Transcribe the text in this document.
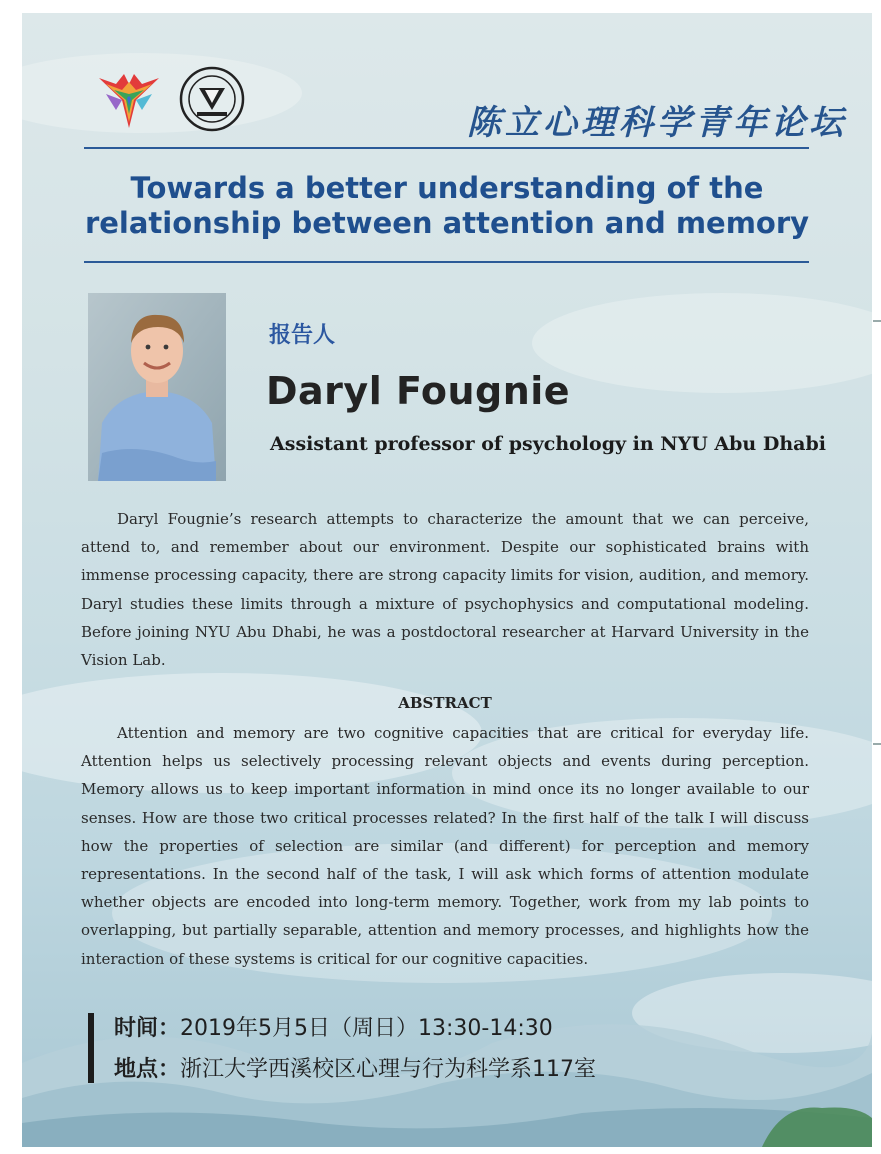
陈立心理科学青年论坛
Towards a better understanding of the
relationship between attention and memory
报告人
Daryl Fougnie
Assistant professor of psychology in NYU Abu Dhabi

Daryl Fougnie’s research attempts to characterize the amount that we can perceive, attend to, and remember about our environment. Despite our sophisticated brains with immense processing capacity, there are strong capacity limits for vision, audition, and memory. Daryl studies these limits through a mixture of psychophysics and computational modeling. Before joining NYU Abu Dhabi, he was a postdoctoral researcher at Harvard University in the Vision Lab.

ABSTRACT

Attention and memory are two cognitive capacities that are critical for everyday life. Attention helps us selectively processing relevant objects and events during perception. Memory allows us to keep important information in mind once its no longer available to our senses. How are those two critical processes related? In the first half of the talk I will discuss how the properties of selection are similar (and different) for perception and memory representations. In the second half of the task, I will ask which forms of attention modulate whether objects are encoded into long-term memory. Together, work from my lab points to overlapping, but partially separable, attention and memory processes, and highlights how the interaction of these systems is critical for our cognitive capacities.

时间：2019年5月5日（周日）13:30-14:30
地点：浙江大学西溪校区心理与行为科学系117室
